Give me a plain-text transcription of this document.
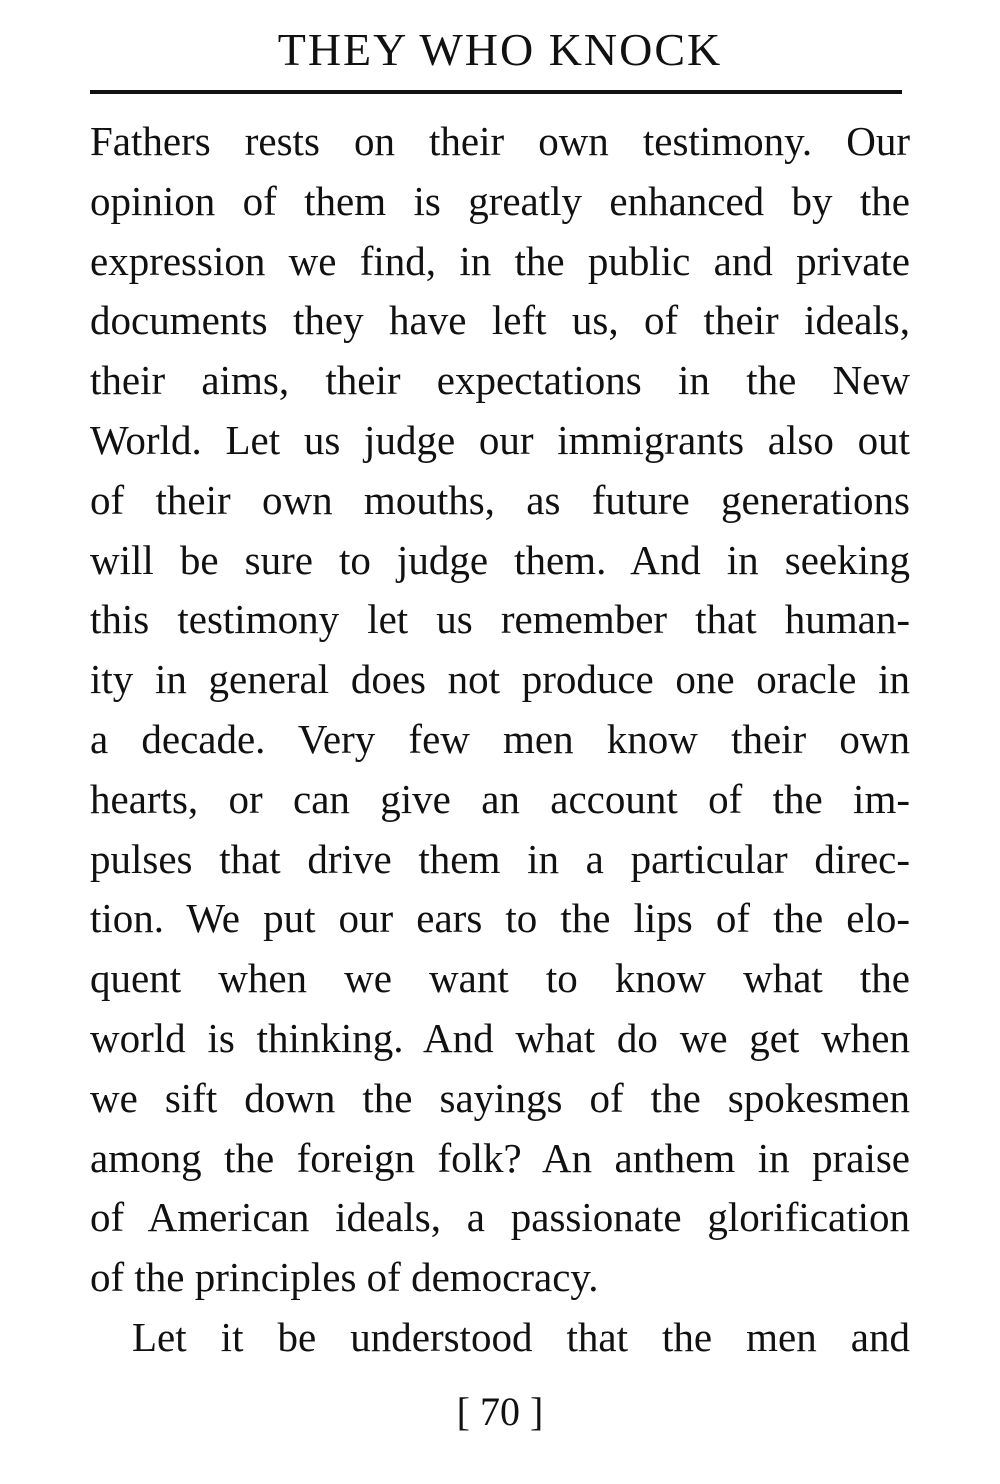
THEY WHO KNOCK
Fathers rests on their own testimony. Our
opinion of them is greatly enhanced by the
expression we find, in the public and private
documents they have left us, of their ideals,
their aims, their expectations in the New
World. Let us judge our immigrants also out
of their own mouths, as future generations
will be sure to judge them. And in seeking
this testimony let us remember that human-
ity in general does not produce one oracle in
a decade. Very few men know their own
hearts, or can give an account of the im-
pulses that drive them in a particular direc-
tion. We put our ears to the lips of the elo-
quent when we want to know what the
world is thinking. And what do we get when
we sift down the sayings of the spokesmen
among the foreign folk? An anthem in praise
of American ideals, a passionate glorification
of the principles of democracy.
Let it be understood that the men and
[ 70 ]
